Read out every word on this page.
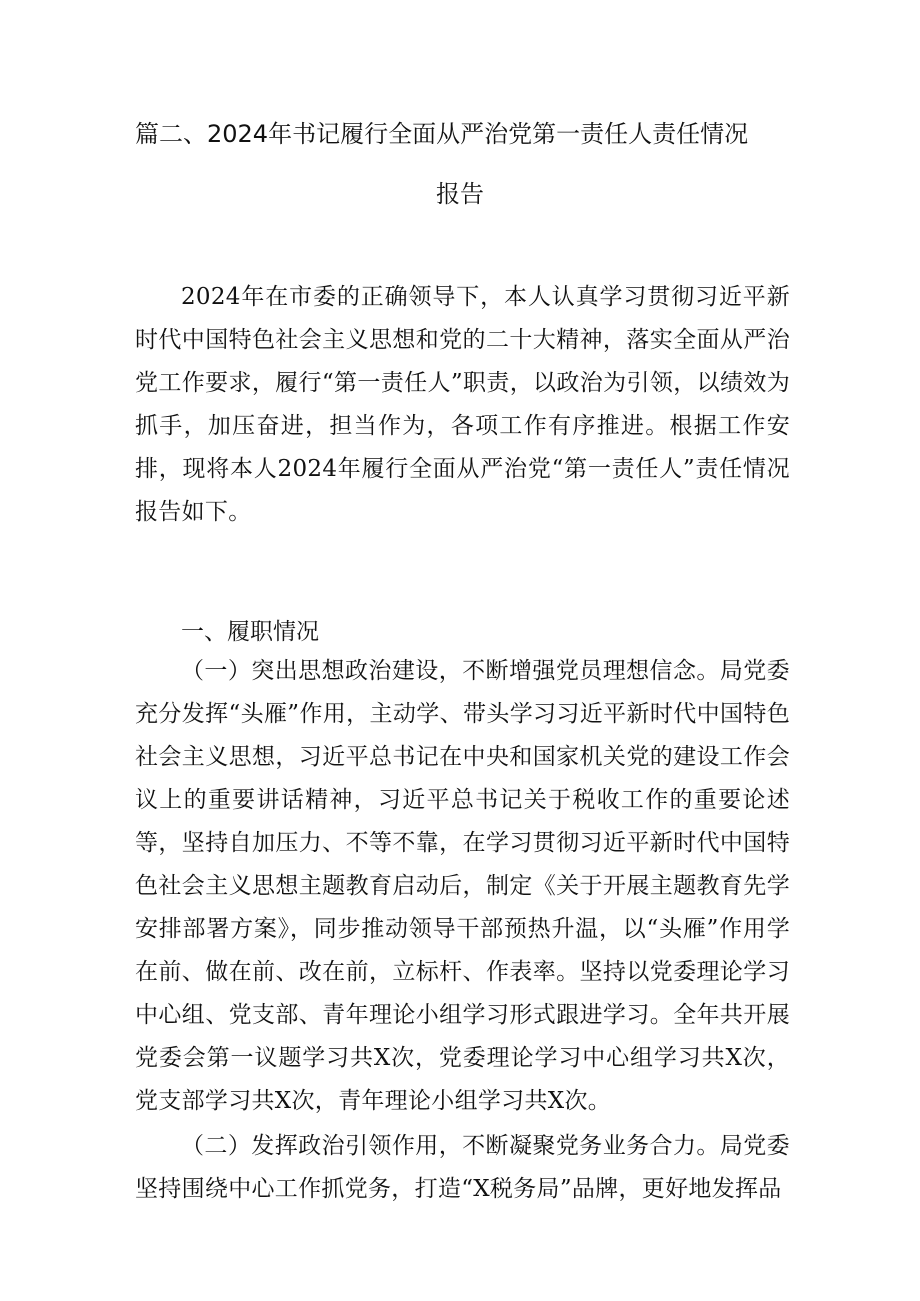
篇二、2024年书记履行全面从严治党第一责任人责任情况
报告

2024年在市委的正确领导下，本人认真学习贯彻习近平新时代中国特色社会主义思想和党的二十大精神，落实全面从严治党工作要求，履行“第一责任人”职责，以政治为引领，以绩效为抓手，加压奋进，担当作为，各项工作有序推进。根据工作安排，现将本人2024年履行全面从严治党“第一责任人”责任情况报告如下。

一、履职情况

（一）突出思想政治建设，不断增强党员理想信念。局党委充分发挥“头雁”作用，主动学、带头学习习近平新时代中国特色社会主义思想，习近平总书记在中央和国家机关党的建设工作会议上的重要讲话精神，习近平总书记关于税收工作的重要论述等，坚持自加压力、不等不靠，在学习贯彻习近平新时代中国特色社会主义思想主题教育启动后，制定《关于开展主题教育先学安排部署方案》，同步推动领导干部预热升温，以“头雁”作用学在前、做在前、改在前，立标杆、作表率。坚持以党委理论学习中心组、党支部、青年理论小组学习形式跟进学习。全年共开展党委会第一议题学习共X次，党委理论学习中心组学习共X次，党支部学习共X次，青年理论小组学习共X次。

（二）发挥政治引领作用，不断凝聚党务业务合力。局党委坚持围绕中心工作抓党务，打造“X税务局”品牌，更好地发挥品
